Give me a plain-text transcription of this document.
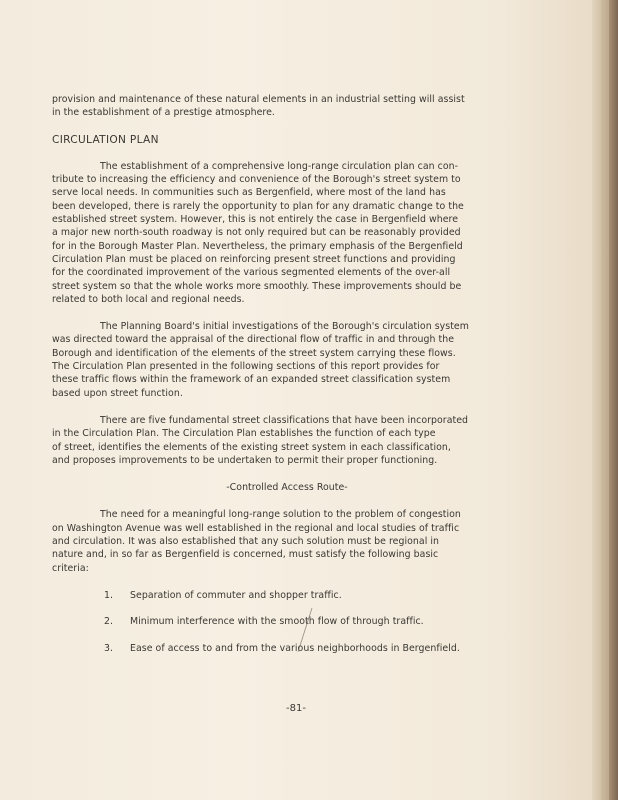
provision and maintenance of these natural elements in an industrial setting will assist

in the establishment of a prestige atmosphere.

CIRCULATION PLAN

The establishment of a comprehensive long-range circulation plan can con-

tribute to increasing the efficiency and convenience of the Borough's street system to

serve local needs. In communities such as Bergenfield, where most of the land has

been developed, there is rarely the opportunity to plan for any dramatic change to the

established street system. However, this is not entirely the case in Bergenfield where

a major new north-south roadway is not only required but can be reasonably provided

for in the Borough Master Plan. Nevertheless, the primary emphasis of the Bergenfield

Circulation Plan must be placed on reinforcing present street functions and providing

for the coordinated improvement of the various segmented elements of the over-all

street system so that the whole works more smoothly. These improvements should be

related to both local and regional needs.

The Planning Board's initial investigations of the Borough's circulation system

was directed toward the appraisal of the directional flow of traffic in and through the

Borough and identification of the elements of the street system carrying these flows.

The Circulation Plan presented in the following sections of this report provides for

these traffic flows within the framework of an expanded street classification system

based upon street function.

There are five fundamental street classifications that have been incorporated

in the Circulation Plan. The Circulation Plan establishes the function of each type

of street, identifies the elements of the existing street system in each classification,

and proposes improvements to be undertaken to permit their proper functioning.

-Controlled Access Route-

The need for a meaningful long-range solution to the problem of congestion

on Washington Avenue was well established in the regional and local studies of traffic

and circulation. It was also established that any such solution must be regional in

nature and, in so far as Bergenfield is concerned, must satisfy the following basic

criteria:

1.	Separation of commuter and shopper traffic.
2.	Minimum interference with the smooth flow of through traffic.
3.	Ease of access to and from the various neighborhoods in Bergenfield.
-81-
